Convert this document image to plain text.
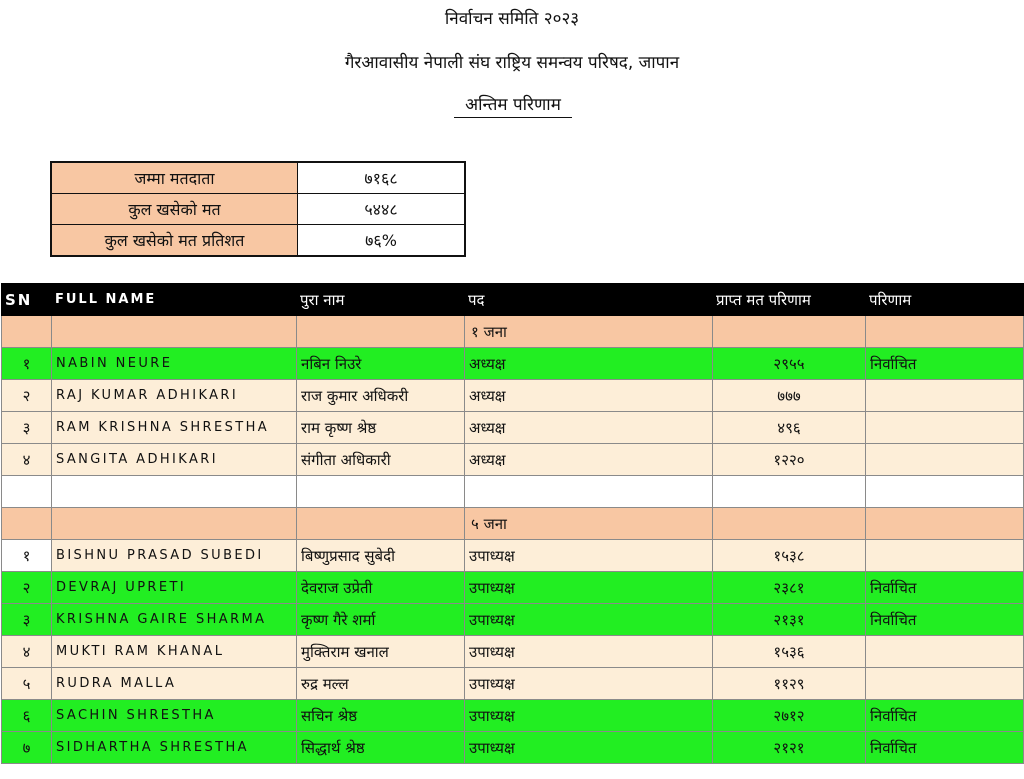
निर्वाचन समिति २०२३
गैरआवासीय नेपाली संघ राष्ट्रिय समन्वय परिषद, जापान
अन्तिम परिणाम
जम्मा मतदाता	७१६८
कुल खसेको मत	५४४८
कुल खसेको मत प्रतिशत	७६%
SN	FULL NAME	पुरा नाम	पद	प्राप्त मत परिणाम	परिणाम
			१ जना		
१	NABIN NEURE	नबिन निउरे	अध्यक्ष	२९५५	निर्वाचित
२	RAJ KUMAR ADHIKARI	राज कुमार अधिकरी	अध्यक्ष	७७७	
३	RAM KRISHNA SHRESTHA	राम कृष्ण श्रेष्ठ	अध्यक्ष	४९६	
४	SANGITA ADHIKARI	संगीता अधिकारी	अध्यक्ष	१२२०	

			५ जना		
१	BISHNU PRASAD SUBEDI	बिष्णुप्रसाद सुबेदी	उपाध्यक्ष	१५३८	
२	DEVRAJ UPRETI	देवराज उप्रेती	उपाध्यक्ष	२३८१	निर्वाचित
३	KRISHNA GAIRE SHARMA	कृष्ण गैरे शर्मा	उपाध्यक्ष	२१३१	निर्वाचित
४	MUKTI RAM KHANAL	मुक्तिराम खनाल	उपाध्यक्ष	१५३६	
५	RUDRA MALLA	रुद्र मल्ल	उपाध्यक्ष	११२९	
६	SACHIN SHRESTHA	सचिन श्रेष्ठ	उपाध्यक्ष	२७१२	निर्वाचित
७	SIDHARTHA SHRESTHA	सिद्धार्थ श्रेष्ठ	उपाध्यक्ष	२१२१	निर्वाचित
